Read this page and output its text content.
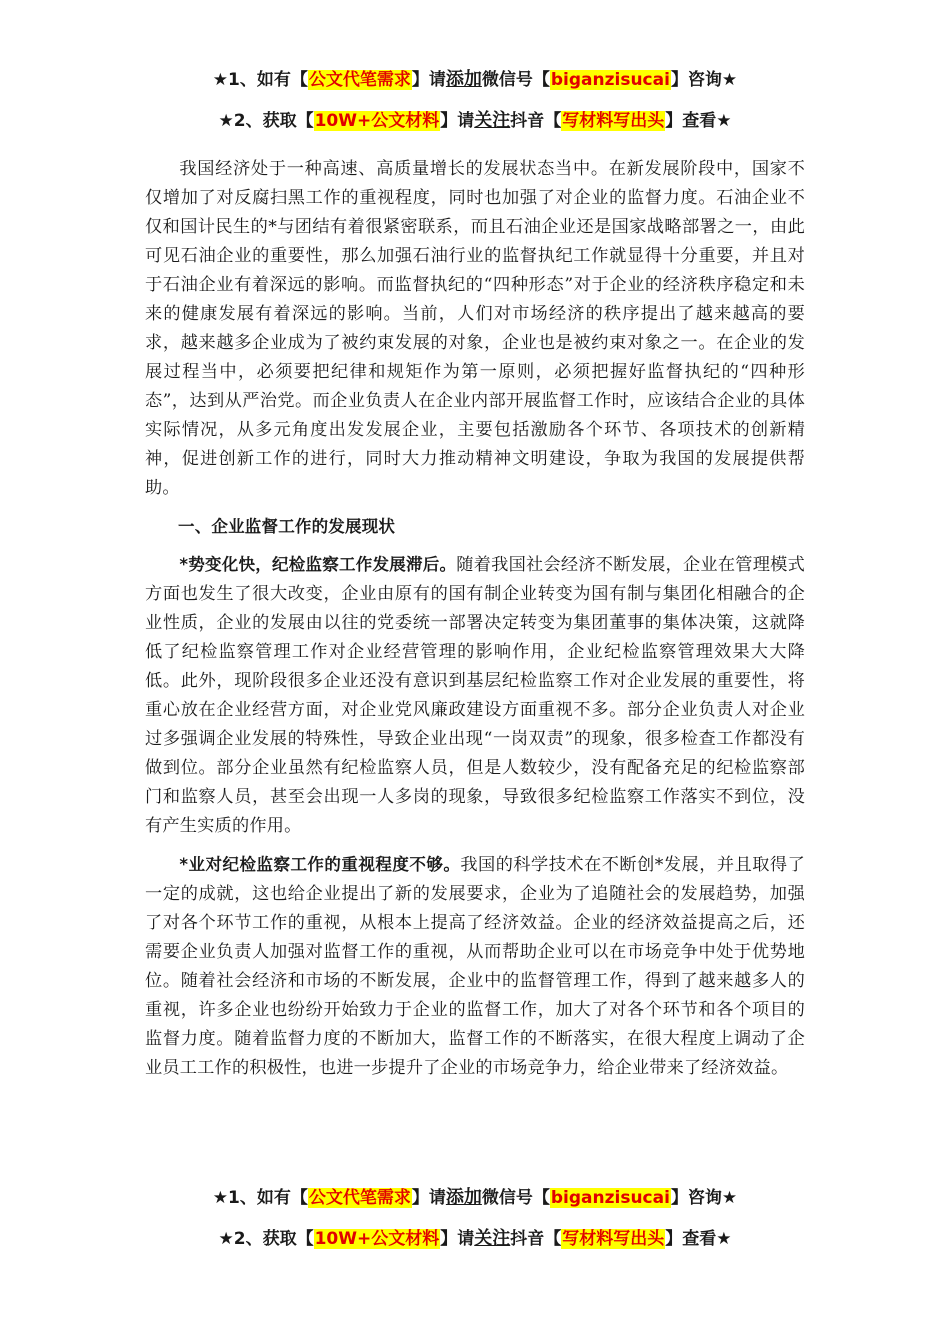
★1、如有【公文代笔需求】请添加微信号【biganzisucai】咨询★
★2、获取【10W+公文材料】请关注抖音【写材料写出头】查看★

我国经济处于一种高速、高质量增长的发展状态当中。在新发展阶段中，国家不仅增加了对反腐扫黑工作的重视程度，同时也加强了对企业的监督力度。石油企业不仅和国计民生的*与团结有着很紧密联系，而且石油企业还是国家战略部署之一，由此可见石油企业的重要性，那么加强石油行业的监督执纪工作就显得十分重要，并且对于石油企业有着深远的影响。而监督执纪的“四种形态”对于企业的经济秩序稳定和未来的健康发展有着深远的影响。当前，人们对市场经济的秩序提出了越来越高的要求，越来越多企业成为了被约束发展的对象，企业也是被约束对象之一。在企业的发展过程当中，必须要把纪律和规矩作为第一原则，必须把握好监督执纪的“四种形态”，达到从严治党。而企业负责人在企业内部开展监督工作时，应该结合企业的具体实际情况，从多元角度出发发展企业，主要包括激励各个环节、各项技术的创新精神，促进创新工作的进行，同时大力推动精神文明建设，争取为我国的发展提供帮助。

一、企业监督工作的发展现状

*势变化快，纪检监察工作发展滞后。随着我国社会经济不断发展，企业在管理模式方面也发生了很大改变，企业由原有的国有制企业转变为国有制与集团化相融合的企业性质，企业的发展由以往的党委统一部署决定转变为集团董事的集体决策，这就降低了纪检监察管理工作对企业经营管理的影响作用，企业纪检监察管理效果大大降低。此外，现阶段很多企业还没有意识到基层纪检监察工作对企业发展的重要性，将重心放在企业经营方面，对企业党风廉政建设方面重视不多。部分企业负责人对企业过多强调企业发展的特殊性，导致企业出现“一岗双责”的现象，很多检查工作都没有做到位。部分企业虽然有纪检监察人员，但是人数较少，没有配备充足的纪检监察部门和监察人员，甚至会出现一人多岗的现象，导致很多纪检监察工作落实不到位，没有产生实质的作用。

*业对纪检监察工作的重视程度不够。我国的科学技术在不断创*发展，并且取得了一定的成就，这也给企业提出了新的发展要求，企业为了追随社会的发展趋势，加强了对各个环节工作的重视，从根本上提高了经济效益。企业的经济效益提高之后，还需要企业负责人加强对监督工作的重视，从而帮助企业可以在市场竞争中处于优势地位。随着社会经济和市场的不断发展，企业中的监督管理工作，得到了越来越多人的重视，许多企业也纷纷开始致力于企业的监督工作，加大了对各个环节和各个项目的监督力度。随着监督力度的不断加大，监督工作的不断落实，在很大程度上调动了企业员工工作的积极性，也进一步提升了企业的市场竞争力，给企业带来了经济效益。

★1、如有【公文代笔需求】请添加微信号【biganzisucai】咨询★
★2、获取【10W+公文材料】请关注抖音【写材料写出头】查看★
